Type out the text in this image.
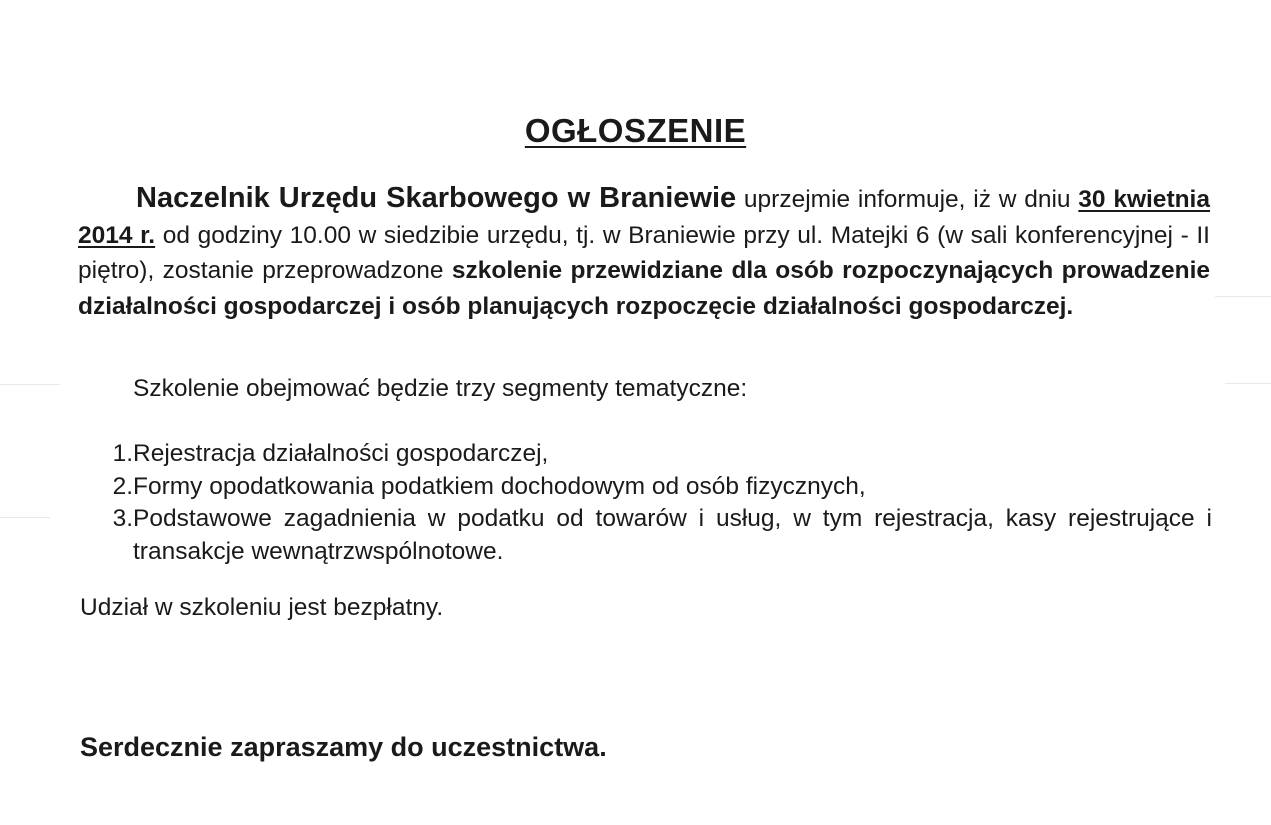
OGŁOSZENIE
Naczelnik Urzędu Skarbowego w Braniewie uprzejmie informuje, iż w dniu 30 kwietnia 2014 r. od godziny 10.00 w siedzibie urzędu, tj. w Braniewie przy ul. Matejki 6 (w sali konferencyjnej - II piętro), zostanie przeprowadzone szkolenie przewidziane dla osób rozpoczynających prowadzenie działalności gospodarczej i osób planujących rozpoczęcie działalności gospodarczej.
Szkolenie obejmować będzie trzy segmenty tematyczne:
1. Rejestracja działalności gospodarczej,
2. Formy opodatkowania podatkiem dochodowym od osób fizycznych,
3. Podstawowe zagadnienia w podatku od towarów i usług, w tym rejestracja, kasy rejestrujące i transakcje wewnątrzwspólnotowe.
Udział w szkoleniu jest bezpłatny.
Serdecznie zapraszamy do uczestnictwa.
